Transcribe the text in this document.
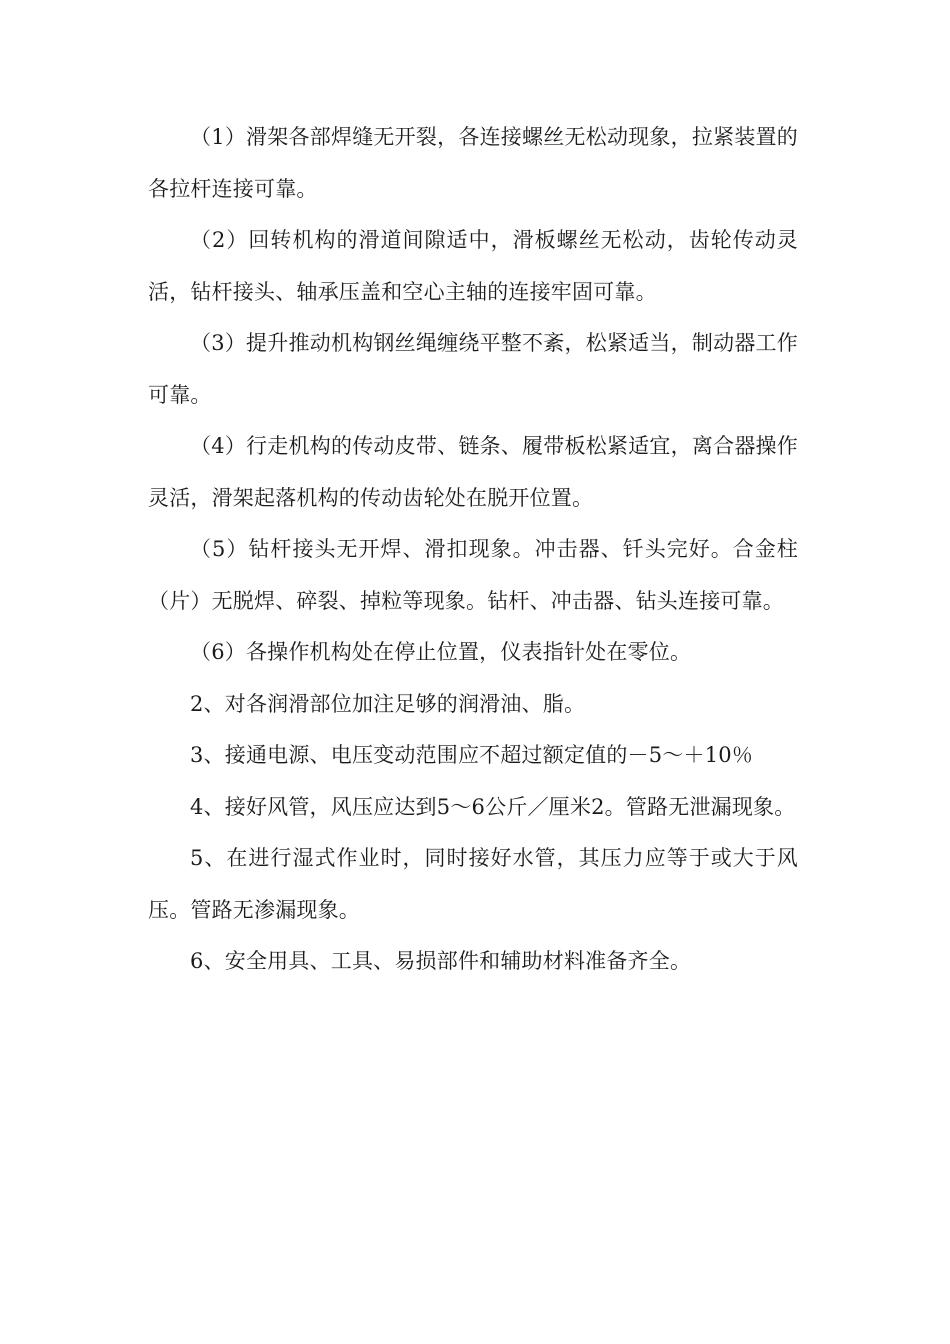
（1）滑架各部焊缝无开裂，各连接螺丝无松动现象，拉紧装置的各拉杆连接可靠。

（2）回转机构的滑道间隙适中，滑板螺丝无松动，齿轮传动灵活，钻杆接头、轴承压盖和空心主轴的连接牢固可靠。

（3）提升推动机构钢丝绳缠绕平整不紊，松紧适当，制动器工作可靠。

（4）行走机构的传动皮带、链条、履带板松紧适宜，离合器操作灵活，滑架起落机构的传动齿轮处在脱开位置。

（5）钻杆接头无开焊、滑扣现象。冲击器、钎头完好。合金柱（片）无脱焊、碎裂、掉粒等现象。钻杆、冲击器、钻头连接可靠。

（6）各操作机构处在停止位置，仪表指针处在零位。

2、对各润滑部位加注足够的润滑油、脂。

3、接通电源、电压变动范围应不超过额定值的－5～＋10％

4、接好风管，风压应达到5～6公斤／厘米2。管路无泄漏现象。

5、在进行湿式作业时，同时接好水管，其压力应等于或大于风压。管路无渗漏现象。

6、安全用具、工具、易损部件和辅助材料准备齐全。
